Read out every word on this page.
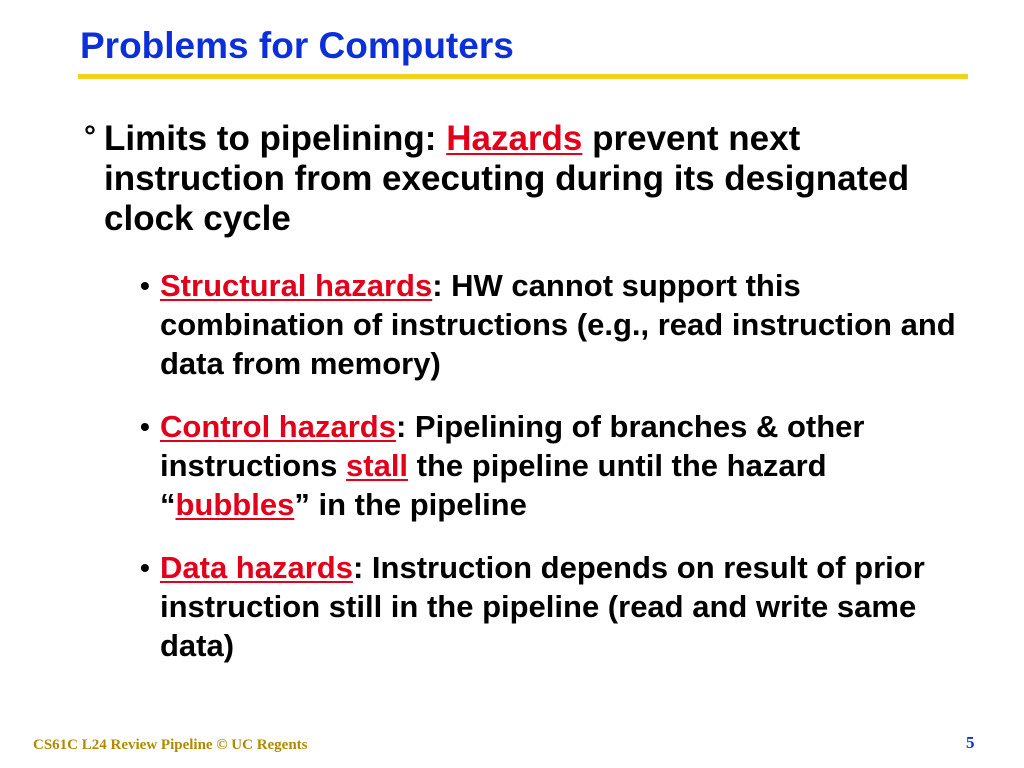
Problems for Computers
° Limits to pipelining: Hazards prevent next instruction from executing during its designated clock cycle
• Structural hazards: HW cannot support this combination of instructions (e.g., read instruction and data from memory)
• Control hazards: Pipelining of branches & other instructions stall the pipeline until the hazard “bubbles” in the pipeline
• Data hazards: Instruction depends on result of prior instruction still in the pipeline (read and write same data)
CS61C L24 Review Pipeline © UC Regents	5
